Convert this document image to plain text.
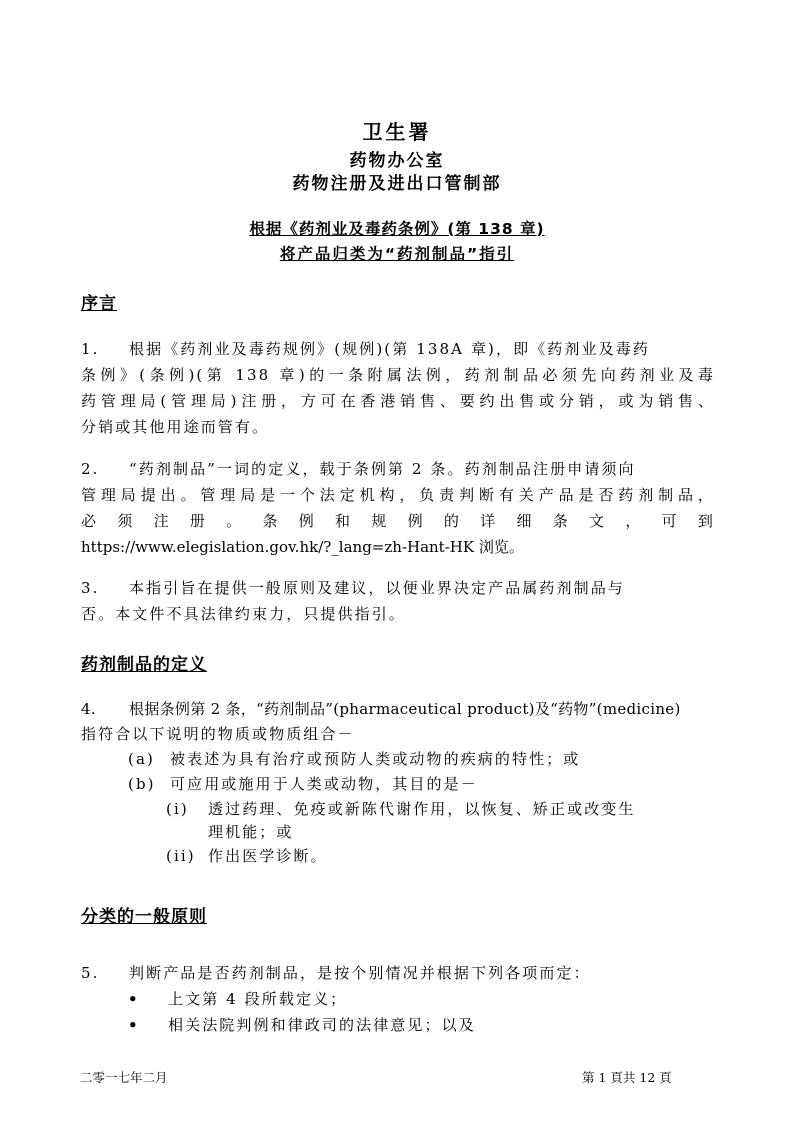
卫生署
药物办公室
药物注册及进出口管制部
根据《药剂业及毒药条例》(第 138 章)
将产品归类为“药剂制品”指引
序言
1. 根据《药剂业及毒药规例》(规例)(第 138A 章)，即《药剂业及毒药
条例》(条例)(第 138 章)的一条附属法例，药剂制品必须先向药剂业及毒
药管理局(管理局)注册，方可在香港销售、要约出售或分销，或为销售、
分销或其他用途而管有。
2. “药剂制品”一词的定义，载于条例第 2 条。药剂制品注册申请须向
管理局提出。管理局是一个法定机构，负责判断有关产品是否药剂制品，
必 须 注 册 。 条 例 和 规 例 的 详 细 条 文 ， 可 到
https://www.elegislation.gov.hk/?_lang=zh-Hant-HK 浏览。
3. 本指引旨在提供一般原则及建议，以便业界决定产品属药剂制品与
否。本文件不具法律约束力，只提供指引。
药剂制品的定义
4. 根据条例第 2 条，“药剂制品”(pharmaceutical product)及“药物”(medicine)
指符合以下说明的物质或物质组合－
(a) 被表述为具有治疗或预防人类或动物的疾病的特性；或
(b) 可应用或施用于人类或动物，其目的是－
(i) 透过药理、免疫或新陈代谢作用，以恢复、矫正或改变生
理机能；或
(ii) 作出医学诊断。
分类的一般原则
5. 判断产品是否药剂制品，是按个别情况并根据下列各项而定：
• 上文第 4 段所载定义；
• 相关法院判例和律政司的法律意见；以及
二零一七年二月	第 1 頁共 12 頁
